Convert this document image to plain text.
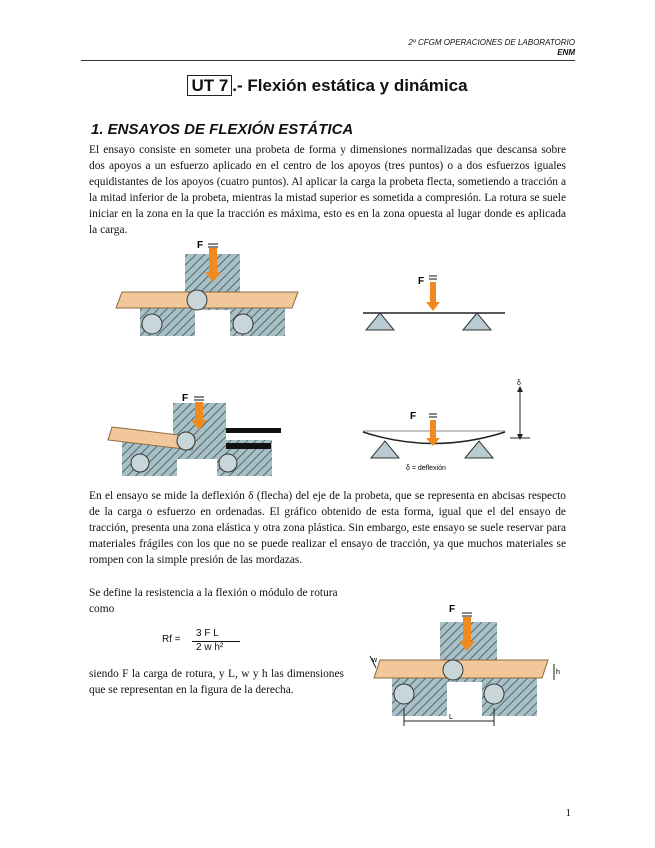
2º CFGM OPERACIONES DE LABORATORIO
ENM
UT 7 .- Flexión estática y dinámica
1. ENSAYOS DE FLEXIÓN ESTÁTICA
El ensayo consiste en someter una probeta de forma y dimensiones normalizadas que descansa sobre dos apoyos a un esfuerzo aplicado en el centro de los apoyos (tres puntos) o a dos esfuerzos iguales equidistantes de los apoyos (cuatro puntos). Al aplicar la carga la probeta flecta, sometiendo a tracción a la mitad inferior de la probeta, mientras la mistad superior es sometida a compresión. La rotura se suele iniciar en la zona en la que la tracción es máxima, esto es en la zona opuesta al lugar donde es aplicada la carga.
En el ensayo se mide la deflexión δ (flecha) del eje de la probeta, que se representa en abcisas respecto de la carga o esfuerzo en ordenadas. El gráfico obtenido de esta forma, igual que el del ensayo de tracción, presenta una zona elástica y otra zona plástica. Sin embargo, este ensayo se suele reservar para materiales frágiles con los que no se puede realizar el ensayo de tracción, ya que muchos materiales se rompen con la simple presión de las mordazas.
Se define la resistencia a la flexión o módulo de rotura como
Rf =
3 F L
2 w h²
siendo F la carga de rotura, y L, w y h las dimensiones que se representan en la figura de la derecha.
F
F
F
F
δ
δ = deflexión
F
w
h
L
1
